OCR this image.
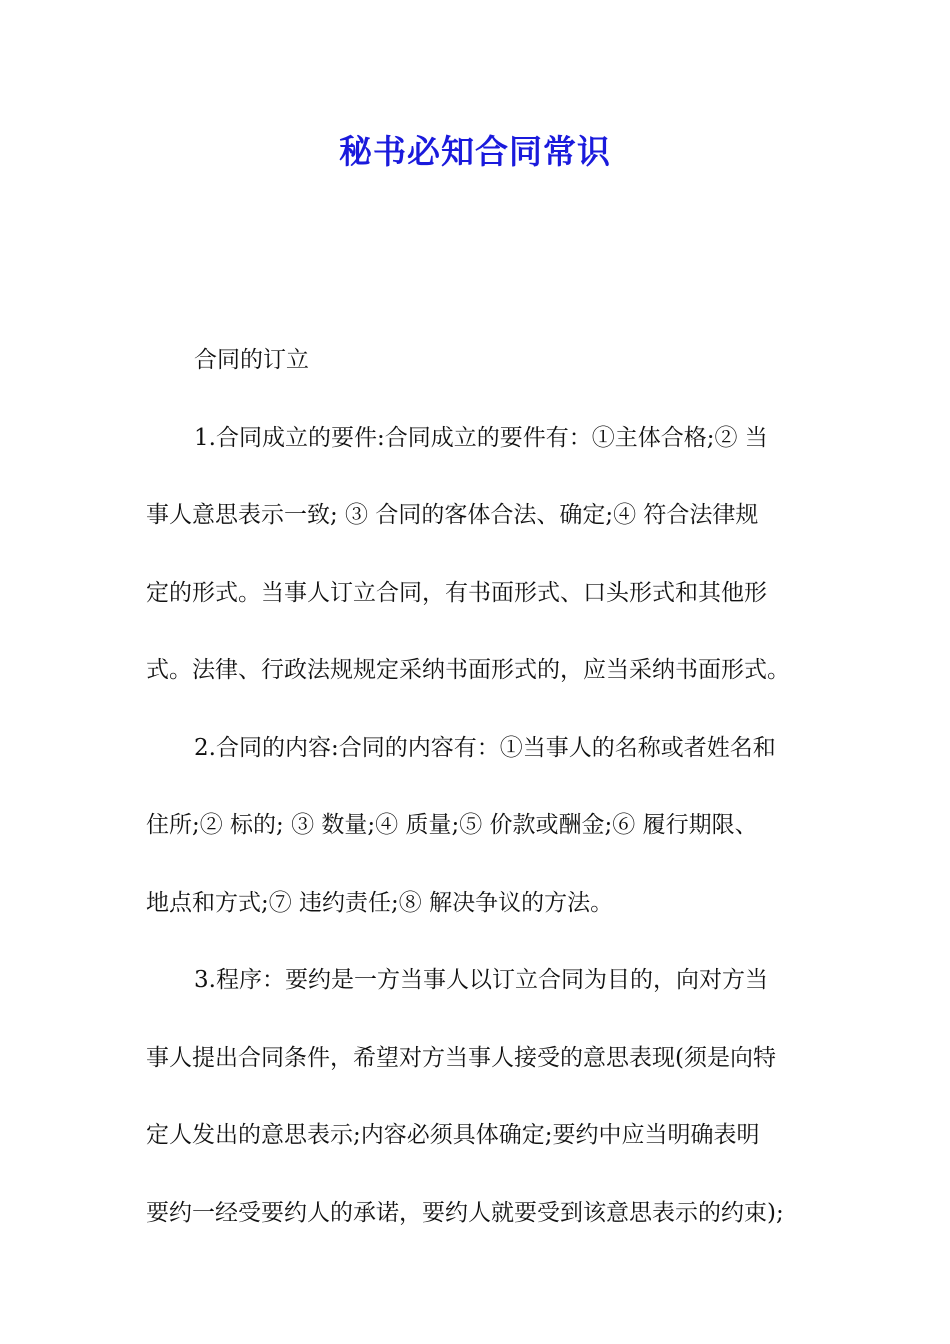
秘书必知合同常识
合同的订立
1.合同成立的要件:合同成立的要件有：①主体合格;② 当
事人意思表示一致; ③ 合同的客体合法、确定;④ 符合法律规
定的形式。当事人订立合同，有书面形式、口头形式和其他形
式。法律、行政法规规定采纳书面形式的，应当采纳书面形式。
2.合同的内容:合同的内容有：①当事人的名称或者姓名和
住所;② 标的; ③ 数量;④ 质量;⑤ 价款或酬金;⑥ 履行期限、
地点和方式;⑦ 违约责任;⑧ 解决争议的方法。
3.程序：要约是一方当事人以订立合同为目的，向对方当
事人提出合同条件，希望对方当事人接受的意思表现(须是向特
定人发出的意思表示;内容必须具体确定;要约中应当明确表明
要约一经受要约人的承诺，要约人就要受到该意思表示的约束);
